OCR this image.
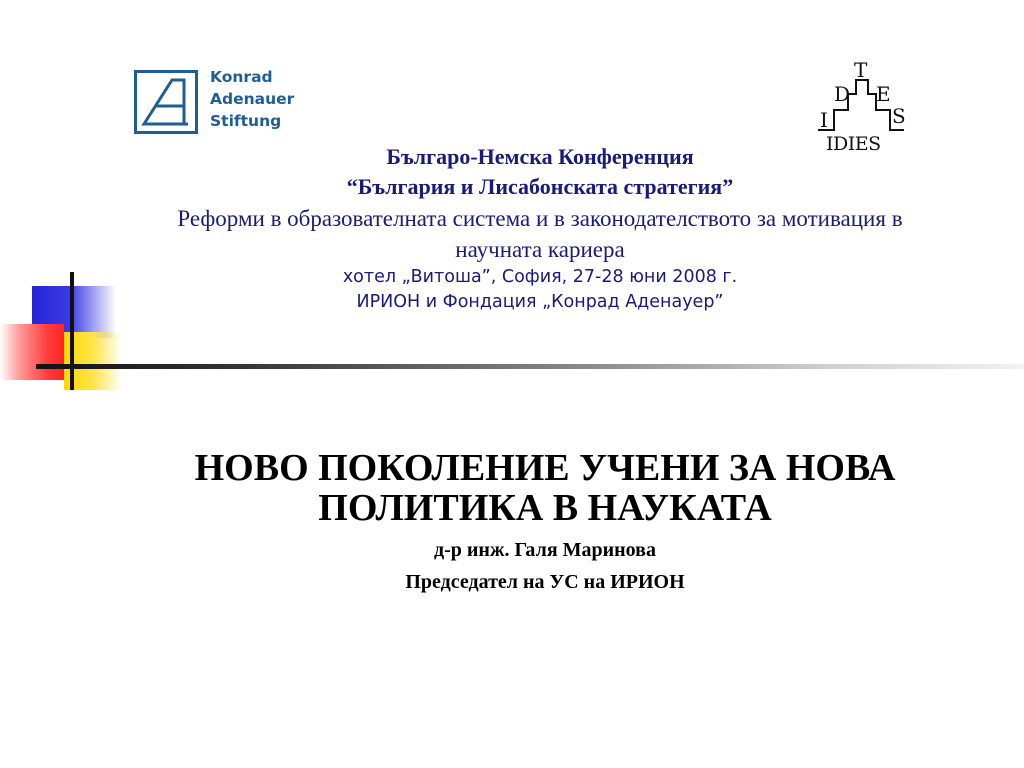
Konrad
Adenauer
Stiftung
T
D E
I	S
IDIES
Българо-Немска Конференция
“България и Лисабонската стратегия”
Реформи в образователната система и в законодателството за мотивация в научната кариера
хотел „Витоша”, София, 27-28 юни 2008 г.
ИРИОН и Фондация „Конрад Аденауер”
НОВО ПОКОЛЕНИЕ УЧЕНИ ЗА НОВА
ПОЛИТИКА В НАУКАТА
д-р инж. Галя Маринова
Председател на УС на ИРИОН
